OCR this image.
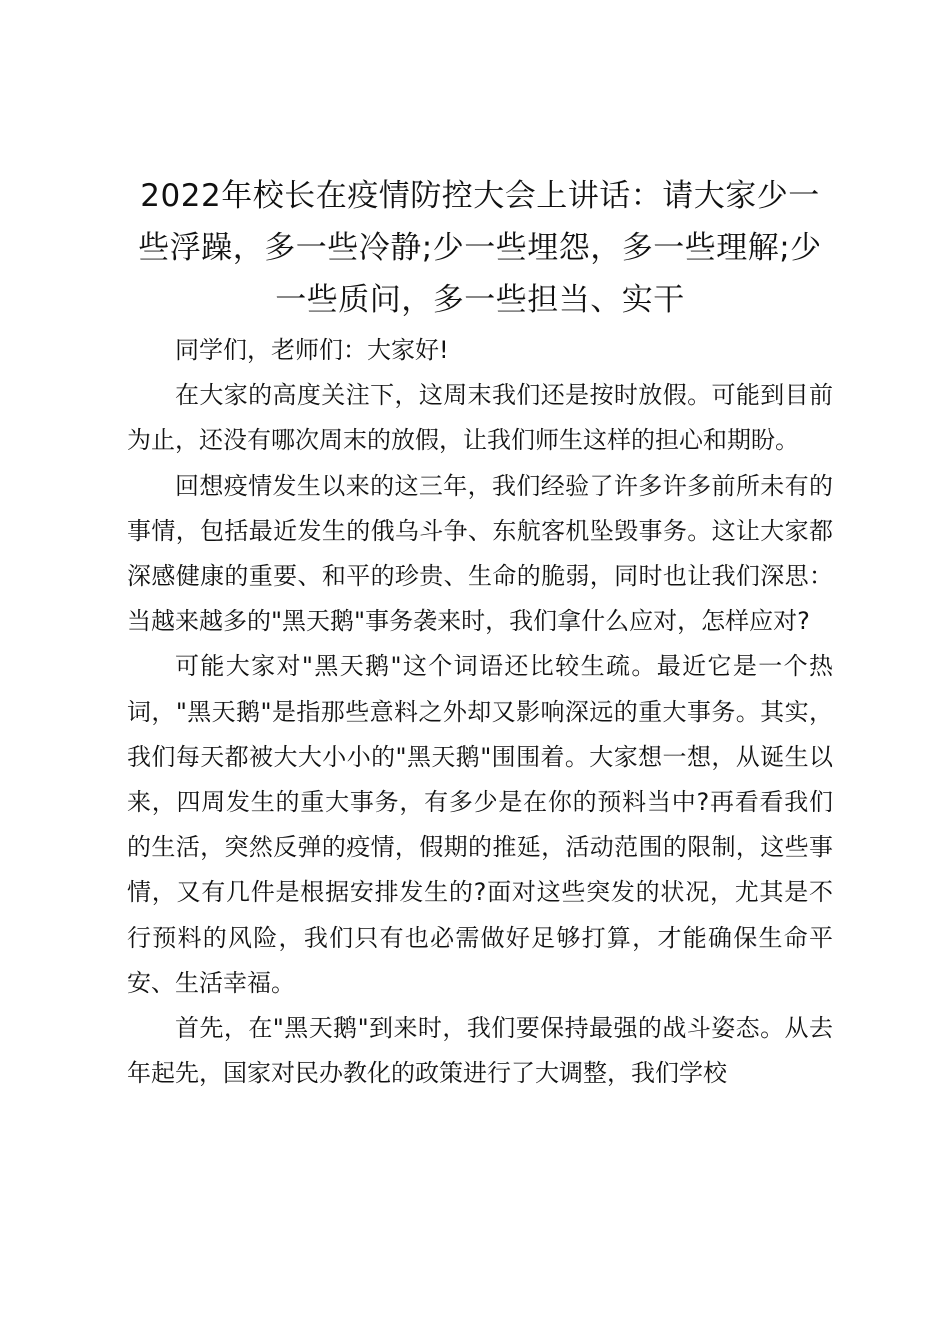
2022年校长在疫情防控大会上讲话：请大家少一些浮躁，多一些冷静;少一些埋怨，多一些理解;少一些质问，多一些担当、实干

同学们，老师们：大家好!

在大家的高度关注下，这周末我们还是按时放假。可能到目前为止，还没有哪次周末的放假，让我们师生这样的担心和期盼。

回想疫情发生以来的这三年，我们经验了许多许多前所未有的事情，包括最近发生的俄乌斗争、东航客机坠毁事务。这让大家都深感健康的重要、和平的珍贵、生命的脆弱，同时也让我们深思：当越来越多的"黑天鹅"事务袭来时，我们拿什么应对，怎样应对?

可能大家对"黑天鹅"这个词语还比较生疏。最近它是一个热词，"黑天鹅"是指那些意料之外却又影响深远的重大事务。其实，我们每天都被大大小小的"黑天鹅"围围着。大家想一想，从诞生以来，四周发生的重大事务，有多少是在你的预料当中?再看看我们的生活，突然反弹的疫情，假期的推延，活动范围的限制，这些事情，又有几件是根据安排发生的?面对这些突发的状况，尤其是不行预料的风险，我们只有也必需做好足够打算，才能确保生命平安、生活幸福。

首先，在"黑天鹅"到来时，我们要保持最强的战斗姿态。从去年起先，国家对民办教化的政策进行了大调整，我们学校
